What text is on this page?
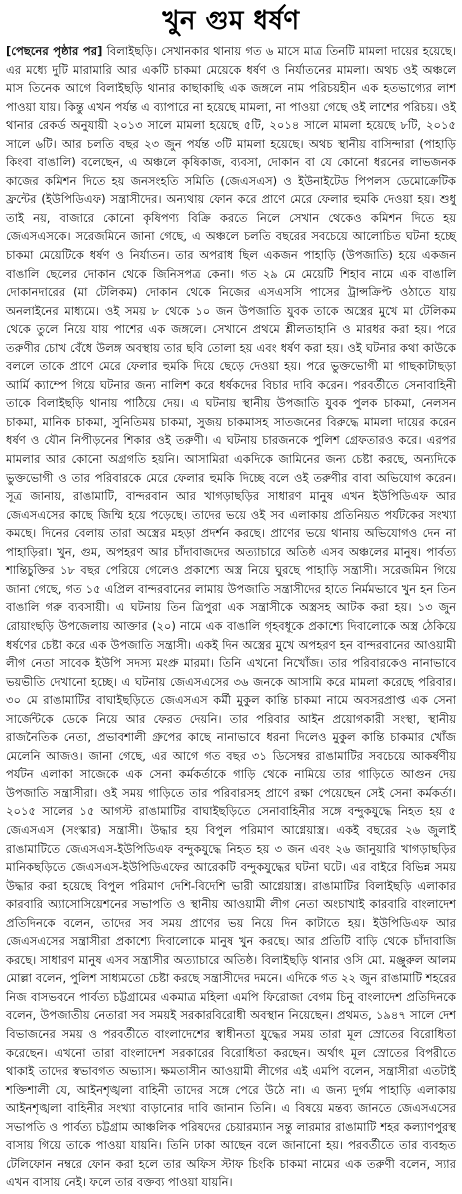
খুন গুম ধর্ষণ

[পেছনের পৃষ্ঠার পর] বিলাইছড়ি। সেখানকার থানায় গত ৬ মাসে মাত্র তিনটি মামলা দায়ের হয়েছে। এর মধ্যে দুটি মারামারি আর একটি চাকমা মেয়েকে ধর্ষণ ও নির্যাতনের মামলা। অথচ ওই অঞ্চলে মাস তিনেক আগে বিলাইছড়ি থানার কাছাকাছি এক জঙ্গলে নাম পরিচয়হীন এক হতভাগ্যের লাশ পাওয়া যায়। কিন্তু এখন পর্যন্ত এ ব্যাপারে না হয়েছে মামলা, না পাওয়া গেছে ওই লাশের পরিচয়। ওই থানার রেকর্ড অনুযায়ী ২০১৩ সালে মামলা হয়েছে ৫টি, ২০১৪ সালে মামলা হয়েছে ৮টি, ২০১৫ সালে ৬টি। আর চলতি বছর ২৩ জুন পর্যন্ত ৩টি মামলা হয়েছে। অথচ স্থানীয় বাসিন্দারা (পাহাড়ি কিংবা বাঙালি) বলেছেন, এ অঞ্চলে কৃষিকাজ, ব্যবসা, দোকান বা যে কোনো ধরনের লাভজনক কাজের কমিশন দিতে হয় জনসংহতি সমিতি (জেএসএস) ও ইউনাইটেড পিপলস ডেমোক্রেটিক ফ্রন্টের (ইউপিডিএফ) সন্ত্রাসীদের। অন্যথায় ফোন করে প্রাণে মেরে ফেলার হুমকি দেওয়া হয়। শুধু তাই নয়, বাজারে কোনো কৃষিপণ্য বিক্রি করতে নিলে সেখান থেকেও কমিশন দিতে হয় জেএসএসকে। সরেজমিনে জানা গেছে, এ অঞ্চলে চলতি বছরের সবচেয়ে আলোচিত ঘটনা হচ্ছে চাকমা মেয়েটিকে ধর্ষণ ও নির্যাতন। তার অপরাধ ছিল একজন পাহাড়ি (উপজাতি) হয়ে একজন বাঙালি ছেলের দোকান থেকে জিনিসপত্র কেনা। গত ২৯ মে মেয়েটি শিহাব নামে এক বাঙালি দোকানদারের (মা টেলিকম) দোকান থেকে নিজের এসএসসি পাসের ট্রান্সক্রিপ্ট ওঠাতে যায় অনলাইনের মাধ্যমে। ওই সময় ৮ থেকে ১০ জন উপজাতি যুবক তাকে অস্ত্রের মুখে মা টেলিকম থেকে তুলে নিয়ে যায় পাশের এক জঙ্গলে। সেখানে প্রথমে শ্লীলতাহানি ও মারধর করা হয়। পরে তরুণীর চোখ বেঁধে উলঙ্গ অবস্থায় তার ছবি তোলা হয় এবং ধর্ষণ করা হয়। ওই ঘটনার কথা কাউকে বললে তাকে প্রাণে মেরে ফেলার হুমকি দিয়ে ছেড়ে দেওয়া হয়। পরে ভুক্তভোগী মা গাছকাটাছড়া আর্মি ক্যাম্পে গিয়ে ঘটনার জন্য নালিশ করে ধর্ষকদের বিচার দাবি করেন। পরবর্তীতে সেনাবাহিনী তাকে বিলাইছড়ি থানায় পাঠিয়ে দেয়। এ ঘটনায় স্থানীয় উপজাতি যুবক পুলক চাকমা, নেলসন চাকমা, মানিক চাকমা, সুনিতিময় চাকমা, সুজয় চাকমাসহ সাতজনের বিরুদ্ধে মামলা দায়ের করেন ধর্ষণ ও যৌন নিপীড়নের শিকার ওই তরুণী। এ ঘটনায় চারজনকে পুলিশ গ্রেফতারও করে। এরপর মামলার আর কোনো অগ্রগতি হয়নি। আসামিরা একদিকে জামিনের জন্য চেষ্টা করছে, অন্যদিকে ভুক্তভোগী ও তার পরিবারকে মেরে ফেলার হুমকি দিচ্ছে বলে ওই তরুণীর বাবা অভিযোগ করেন। সূত্র জানায়, রাঙামাটি, বান্দরবান আর খাগড়াছড়ির সাধারণ মানুষ এখন ইউপিডিএফ আর জেএসএসের কাছে জিম্মি হয়ে পড়েছে। তাদের ভয়ে ওই সব এলাকায় প্রতিনিয়ত পর্যটকের সংখ্যা কমছে। দিনের বেলায় তারা অস্ত্রের মহড়া প্রদর্শন করছে। প্রাণের ভয়ে থানায় অভিযোগও দেন না পাহাড়িরা। খুন, গুম, অপহরণ আর চাঁদাবাজদের অত্যাচারে অতিষ্ঠ এসব অঞ্চলের মানুষ। পার্বত্য শান্তিচুক্তির ১৮ বছর পেরিয়ে গেলেও প্রকাশ্যে অস্ত্র নিয়ে ঘুরছে পাহাড়ি সন্ত্রাসী। সরেজমিন গিয়ে জানা গেছে, গত ১৫ এপ্রিল বান্দরবানের লামায় উপজাতি সন্ত্রাসীদের হাতে নির্মমভাবে খুন হন তিন বাঙালি গরু ব্যবসায়ী। এ ঘটনায় তিন ত্রিপুরা এক সন্ত্রাসীকে অস্ত্রসহ আটক করা হয়। ১৩ জুন রোয়াংছড়ি উপজেলায় আক্তার (২০) নামে এক বাঙালি গৃহবধূকে প্রকাশ্যে দিবালোকে অস্ত্র ঠেকিয়ে ধর্ষণের চেষ্টা করে এক উপজাতি সন্ত্রাসী। একই দিন অস্ত্রের মুখে অপহরণ হন বান্দরবানের আওয়ামী লীগ নেতা সাবেক ইউপি সদস্য মংপ্রু মারমা। তিনি এখনো নিখোঁজ। তার পরিবারকেও নানাভাবে ভয়ভীতি দেখানো হচ্ছে। এ ঘটনায় জেএসএসের ৩৬ জনকে আসামি করে মামলা করেছে পরিবার। ৩০ মে রাঙামাটির বাঘাইছড়িতে জেএসএস কর্মী মুকুল কান্তি চাকমা নামে অবসরপ্রাপ্ত এক সেনা সার্জেন্টকে ডেকে নিয়ে আর ফেরত দেয়নি। তার পরিবার আইন প্রয়োগকারী সংস্থা, স্থানীয় রাজনৈতিক নেতা, প্রভাবশালী গ্রুপের কাছে নানাভাবে ধরনা দিলেও মুকুল কান্তি চাকমার খোঁজ মেলেনি আজও। জানা গেছে, এর আগে গত বছর ৩১ ডিসেম্বর রাঙামাটির সবচেয়ে আকর্ষণীয় পর্যটন এলাকা সাজেকে এক সেনা কর্মকর্তাকে গাড়ি থেকে নামিয়ে তার গাড়িতে আগুন দেয় উপজাতি সন্ত্রাসীরা। ওই সময় গাড়িতে তার পরিবারসহ প্রাণে রক্ষা পেয়েছেন সেই সেনা কর্মকর্তা। ২০১৫ সালের ১৫ আগস্ট রাঙামাটির বাঘাইছড়িতে সেনাবাহিনীর সঙ্গে বন্দুকযুদ্ধে নিহত হয় ৫ জেএসএস (সংস্কার) সন্ত্রাসী। উদ্ধার হয় বিপুল পরিমাণ আগ্নেয়াস্ত্র। একই বছরের ২৬ জুলাই রাঙামাটিতে জেএসএস-ইউপিডিএফ বন্দুকযুদ্ধে নিহত হয় ৩ জন এবং ২৬ জানুয়ারি খাগড়াছড়ির মানিকছড়িতে জেএসএস-ইউপিডিএফের আরেকটি বন্দুকযুদ্ধের ঘটনা ঘটে। এর বাইরে বিভিন্ন সময় উদ্ধার করা হয়েছে বিপুল পরিমাণ দেশি-বিদেশি ভারী আগ্নেয়াস্ত্র। রাঙামাটির বিলাইছড়ি এলাকার কারবারি অ্যাসোসিয়েশনের সভাপতি ও স্থানীয় আওয়ামী লীগ নেতা অংচাখাই কারবারি বাংলাদেশ প্রতিদিনকে বলেন, তাদের সব সময় প্রাণের ভয় নিয়ে দিন কাটাতে হয়। ইউপিডিএফ আর জেএসএসের সন্ত্রাসীরা প্রকাশ্যে দিবালোকে মানুষ খুন করছে। আর প্রতিটি বাড়ি থেকে চাঁদাবাজি করছে। সাধারণ মানুষ এসব সন্ত্রাসীর অত্যাচারে অতিষ্ঠ। বিলাইছড়ি থানার ওসি মো. মঞ্জুরুল আলম মোল্লা বলেন, পুলিশ সাধ্যমতো চেষ্টা করছে সন্ত্রাসীদের দমনে। এদিকে গত ২২ জুন রাঙামাটি শহরের নিজ বাসভবনে পার্বত্য চট্টগ্রামের একমাত্র মহিলা এমপি ফিরোজা বেগম চিনু বাংলাদেশ প্রতিদিনকে বলেন, উপজাতীয় নেতারা সব সময়ই সরকারবিরোধী অবস্থান নিয়েছেন। প্রথমত, ১৯৪৭ সালে দেশ বিভাজনের সময় ও পরবর্তীতে বাংলাদেশের স্বাধীনতা যুদ্ধের সময় তারা মূল স্রোতের বিরোধিতা করেছেন। এখনো তারা বাংলাদেশ সরকারের বিরোধিতা করছেন। অর্থাৎ মূল স্রোতের বিপরীতে থাকাই তাদের স্বভাবগত অভ্যাস। ক্ষমতাসীন আওয়ামী লীগের এই এমপি বলেন, সন্ত্রাসীরা এতটাই শক্তিশালী যে, আইনশৃঙ্খলা বাহিনী তাদের সঙ্গে পেরে উঠে না। এ জন্য দুর্গম পাহাড়ি এলাকায় আইনশৃঙ্খলা বাহিনীর সংখ্যা বাড়ানোর দাবি জানান তিনি। এ বিষয়ে মন্তব্য জানতে জেএসএসের সভাপতি ও পার্বত্য চট্টগ্রাম আঞ্চলিক পরিষদের চেয়ারম্যান সন্তু লারমার রাঙামাটি শহর কল্যাণপুরস্থ বাসায় গিয়ে তাকে পাওয়া যায়নি। তিনি ঢাকা আছেন বলে জানানো হয়। পরবর্তীতে তার ব্যবহৃত টেলিফোন নম্বরে ফোন করা হলে তার অফিস স্টাফ চিংকি চাকমা নামের এক তরুণী বলেন, স্যার এখন বাসায় নেই। ফলে তার বক্তব্য পাওয়া যায়নি।
